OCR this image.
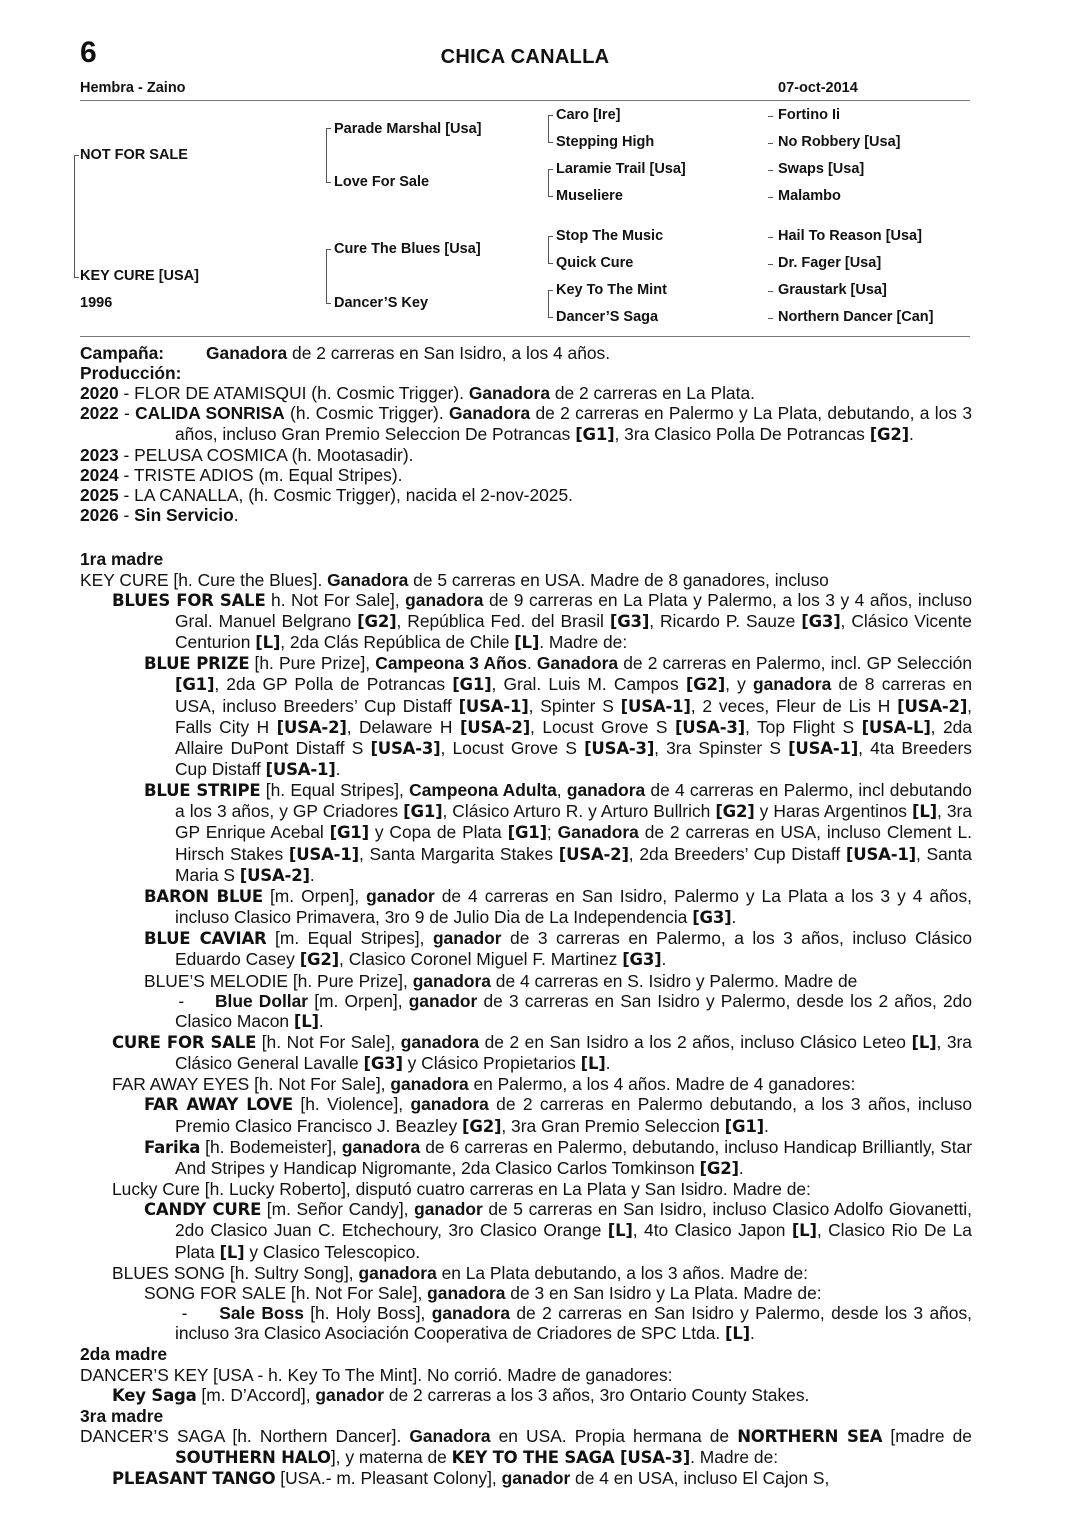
6	CHICA CANALLA
Hembra - Zaino	07-oct-2014
NOT FOR SALE
KEY CURE [USA]
1996
Parade Marshal [Usa]
Love For Sale
Cure The Blues [Usa]
Dancer’S Key
Caro [Ire]
Stepping High
Laramie Trail [Usa]
Museliere
Stop The Music
Quick Cure
Key To The Mint
Dancer’S Saga
Fortino Ii
No Robbery [Usa]
Swaps [Usa]
Malambo
Hail To Reason [Usa]
Dr. Fager [Usa]
Graustark [Usa]
Northern Dancer [Can]

Campaña: Ganadora de 2 carreras en San Isidro, a los 4 años.

Producción:

2020 - FLOR DE ATAMISQUI (h. Cosmic Trigger). Ganadora de 2 carreras en La Plata.

2022 - CALIDA SONRISA (h. Cosmic Trigger). Ganadora de 2 carreras en Palermo y La Plata, debutando, a los 3 años, incluso Gran Premio Seleccion De Potrancas [G1], 3ra Clasico Polla De Potrancas [G2].

2023 - PELUSA COSMICA (h. Mootasadir).

2024 - TRISTE ADIOS (m. Equal Stripes).

2025 - LA CANALLA, (h. Cosmic Trigger), nacida el 2-nov-2025.

2026 - Sin Servicio.

1ra madre

KEY CURE [h. Cure the Blues]. Ganadora de 5 carreras en USA. Madre de 8 ganadores, incluso

BLUES FOR SALE h. Not For Sale], ganadora de 9 carreras en La Plata y Palermo, a los 3 y 4 años, incluso Gral. Manuel Belgrano [G2], República Fed. del Brasil [G3], Ricardo P. Sauze [G3], Clásico Vicente Centurion [L], 2da Clás República de Chile [L]. Madre de:

BLUE PRIZE [h. Pure Prize], Campeona 3 Años. Ganadora de 2 carreras en Palermo, incl. GP Selección [G1], 2da GP Polla de Potrancas [G1], Gral. Luis M. Campos [G2], y ganadora de 8 carreras en USA, incluso Breeders’ Cup Distaff [USA-1], Spinter S [USA-1], 2 veces, Fleur de Lis H [USA-2], Falls City H [USA-2], Delaware H [USA-2], Locust Grove S [USA-3], Top Flight S [USA-L], 2da Allaire DuPont Distaff S [USA-3], Locust Grove S [USA-3], 3ra Spinster S [USA-1], 4ta Breeders Cup Distaff [USA-1].

BLUE STRIPE [h. Equal Stripes], Campeona Adulta, ganadora de 4 carreras en Palermo, incl debutando a los 3 años, y GP Criadores [G1], Clásico Arturo R. y Arturo Bullrich [G2] y Haras Argentinos [L], 3ra GP Enrique Acebal [G1] y Copa de Plata [G1]; Ganadora de 2 carreras en USA, incluso Clement L. Hirsch Stakes [USA-1], Santa Margarita Stakes [USA-2], 2da Breeders’ Cup Distaff [USA-1], Santa Maria S [USA-2].

BARON BLUE [m. Orpen], ganador de 4 carreras en San Isidro, Palermo y La Plata a los 3 y 4 años, incluso Clasico Primavera, 3ro 9 de Julio Dia de La Independencia [G3].

BLUE CAVIAR [m. Equal Stripes], ganador de 3 carreras en Palermo, a los 3 años, incluso Clásico Eduardo Casey [G2], Clasico Coronel Miguel F. Martinez [G3].

BLUE’S MELODIE [h. Pure Prize], ganadora de 4 carreras en S. Isidro y Palermo. Madre de

-     Blue Dollar [m. Orpen], ganador de 3 carreras en San Isidro y Palermo, desde los 2 años, 2do Clasico Macon [L].

CURE FOR SALE [h. Not For Sale], ganadora de 2 en San Isidro a los 2 años, incluso Clásico Leteo [L], 3ra Clásico General Lavalle [G3] y Clásico Propietarios [L].

FAR AWAY EYES [h. Not For Sale], ganadora en Palermo, a los 4 años. Madre de 4 ganadores:

FAR AWAY LOVE [h. Violence], ganadora de 2 carreras en Palermo debutando, a los 3 años, incluso Premio Clasico Francisco J. Beazley [G2], 3ra Gran Premio Seleccion [G1].

Farika [h. Bodemeister], ganadora de 6 carreras en Palermo, debutando, incluso Handicap Brilliantly, Star And Stripes y Handicap Nigromante, 2da Clasico Carlos Tomkinson [G2].

Lucky Cure [h. Lucky Roberto], disputó cuatro carreras en La Plata y San Isidro. Madre de:

CANDY CURE [m. Señor Candy], ganador de 5 carreras en San Isidro, incluso Clasico Adolfo Giovanetti, 2do Clasico Juan C. Etchechoury, 3ro Clasico Orange [L], 4to Clasico Japon [L], Clasico Rio De La Plata [L] y Clasico Telescopico.

BLUES SONG [h. Sultry Song], ganadora en La Plata debutando, a los 3 años. Madre de:

SONG FOR SALE [h. Not For Sale], ganadora de 3 en San Isidro y La Plata. Madre de:

-     Sale Boss [h. Holy Boss], ganadora de 2 carreras en San Isidro y Palermo, desde los 3 años, incluso 3ra Clasico Asociación Cooperativa de Criadores de SPC Ltda. [L].

2da madre

DANCER’S KEY [USA - h. Key To The Mint]. No corrió. Madre de ganadores:

Key Saga [m. D’Accord], ganador de 2 carreras a los 3 años, 3ro Ontario County Stakes.

3ra madre

DANCER’S SAGA [h. Northern Dancer]. Ganadora en USA. Propia hermana de NORTHERN SEA [madre de SOUTHERN HALO], y materna de KEY TO THE SAGA [USA-3]. Madre de:

PLEASANT TANGO [USA.- m. Pleasant Colony], ganador de 4 en USA, incluso El Cajon S,
